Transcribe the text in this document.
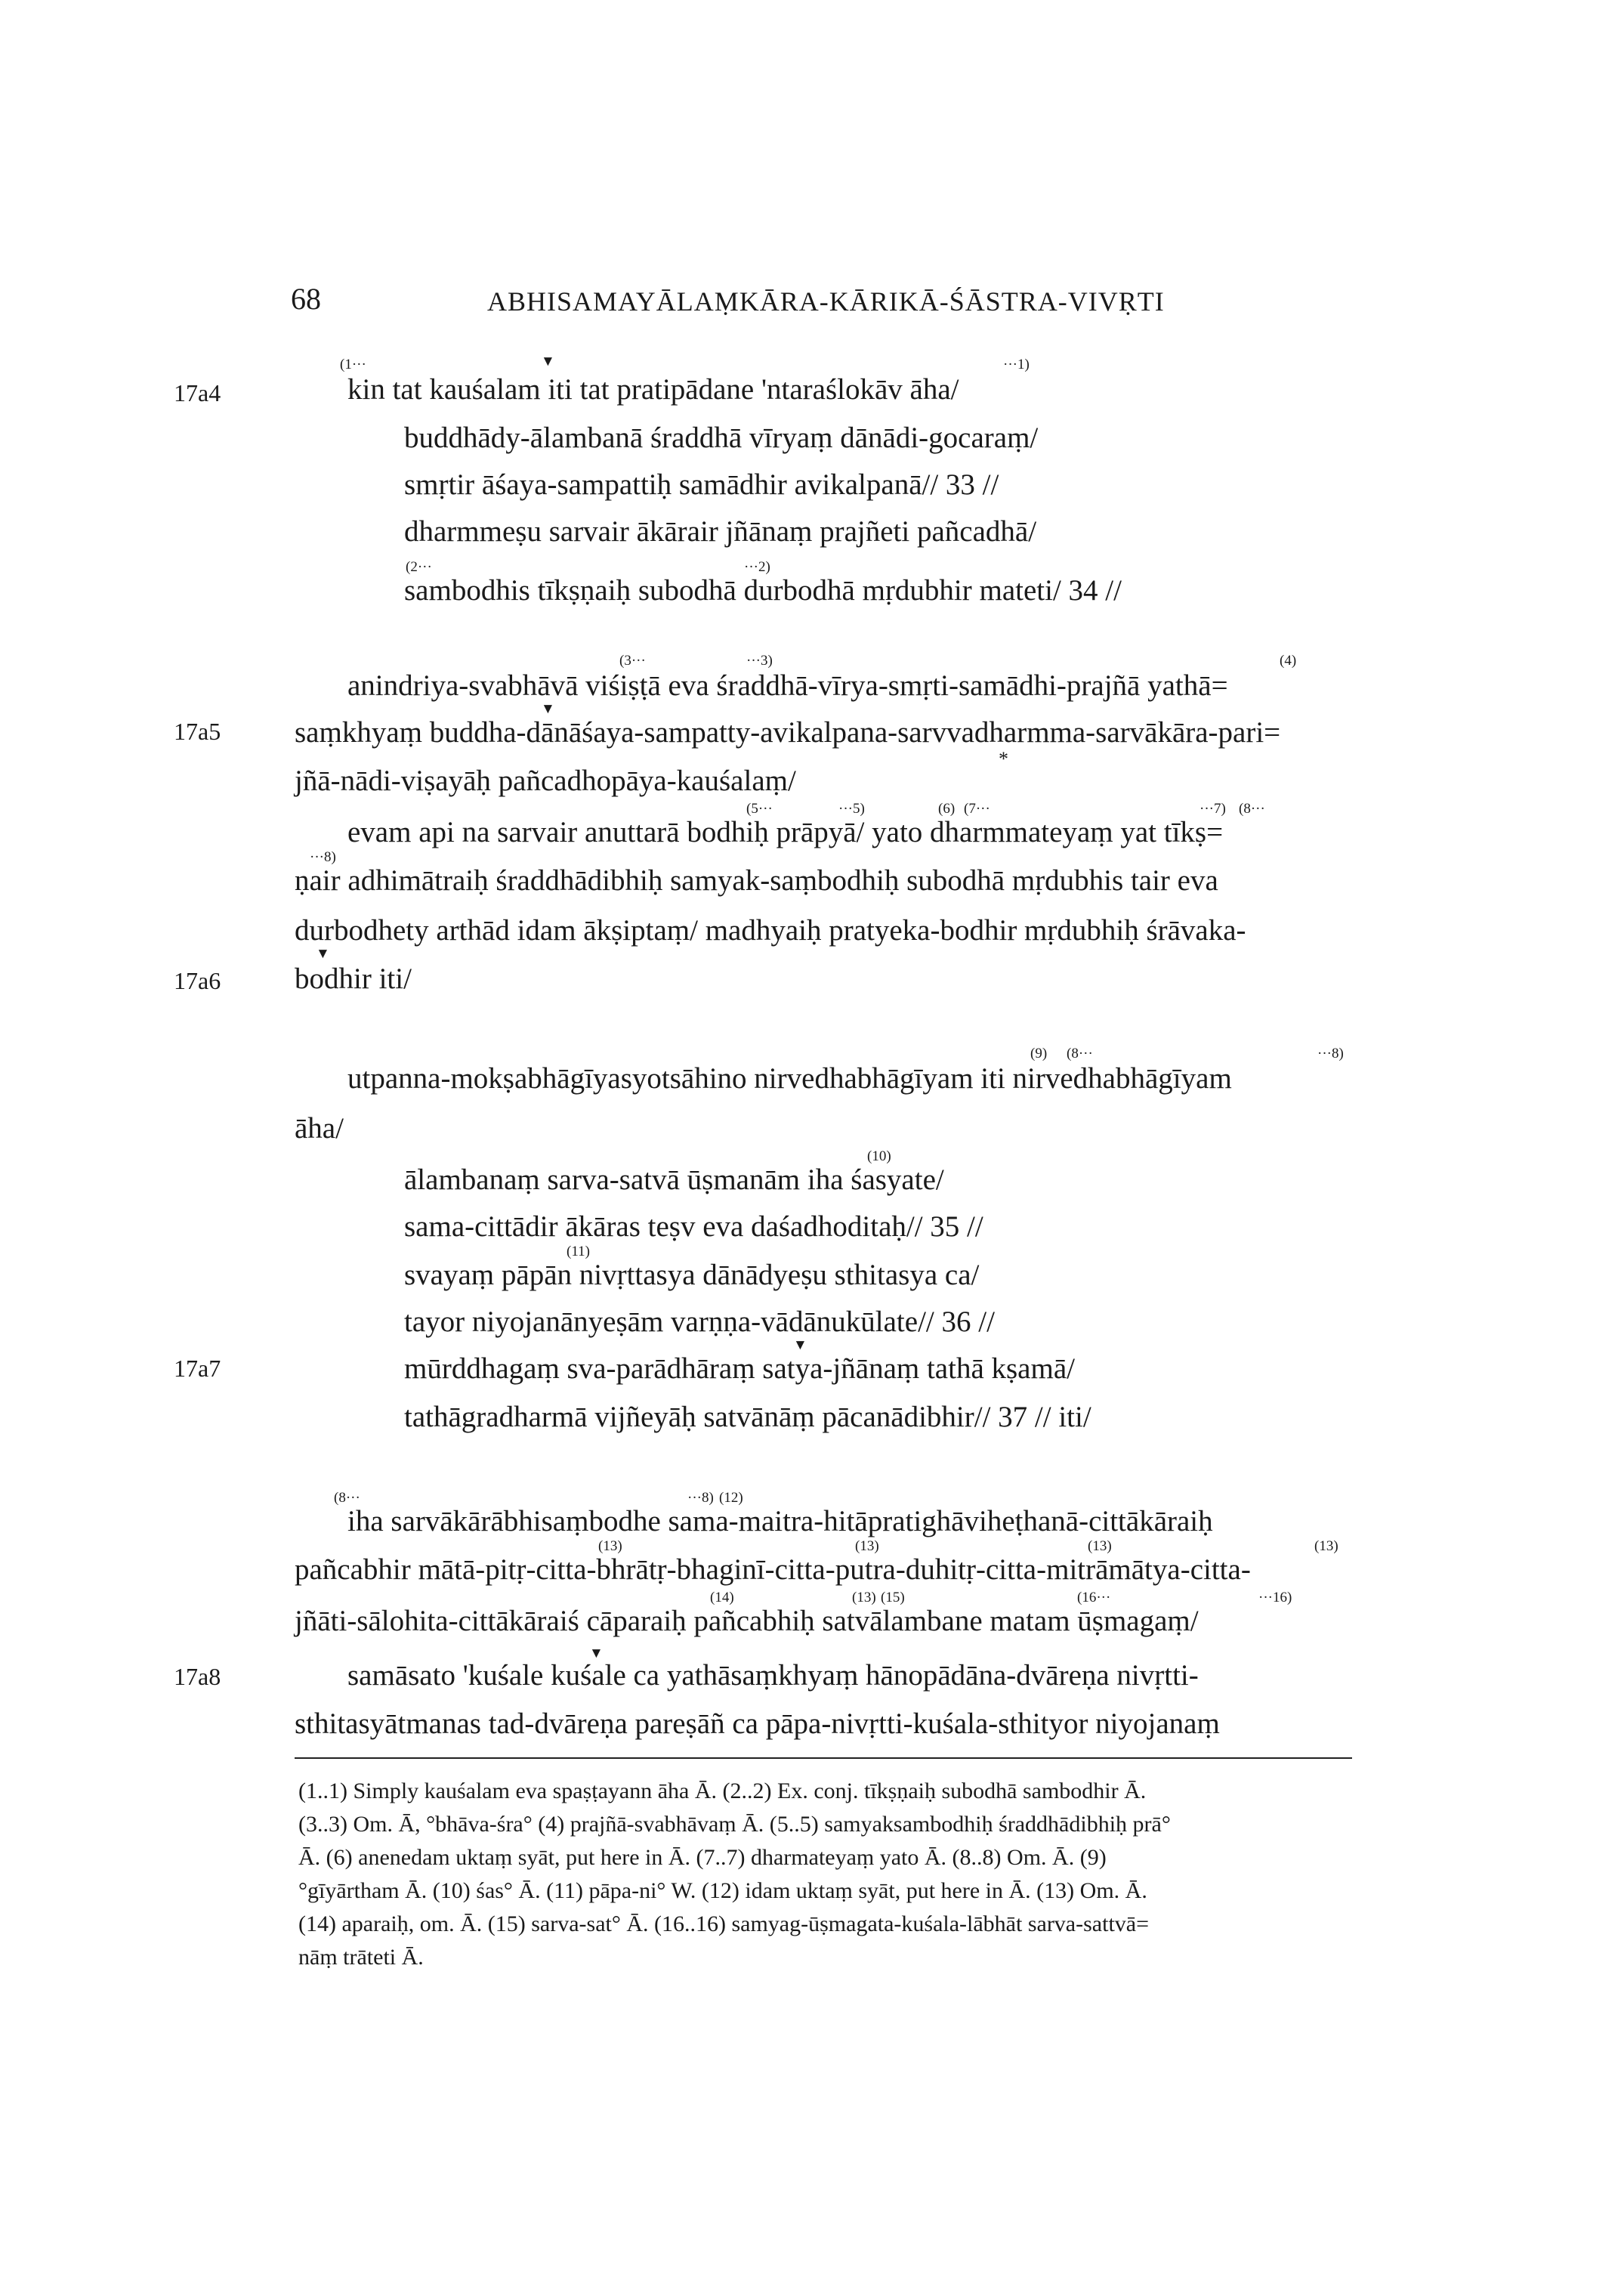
68	ABHISAMAYĀLAṂKĀRA-KĀRIKĀ-ŚĀSTRA-VIVṚTI
17a4
17a5
17a6
17a7
17a8
(1···	▼	···1)
kin tat kauśalam iti tat pratipādane 'ntaraślokāv āha/
buddhādy-ālambanā śraddhā vīryaṃ dānādi-gocaraṃ/
smṛtir āśaya-sampattiḥ samādhir avikalpanā// 33 //
dharmmeṣu sarvair ākārair jñānaṃ prajñeti pañcadhā/
(2···	···2)
sambodhis tīkṣṇaiḥ subodhā durbodhā mṛdubhir mateti/ 34 //
(3···	···3)	(4)
anindriya-svabhāvā viśiṣṭā eva śraddhā-vīrya-smṛti-samādhi-prajñā yathā=
▼
saṃkhyaṃ buddha-dānāśaya-sampatty-avikalpana-sarvvadharmma-sarvākāra-pari=
*
jñā-nādi-viṣayāḥ pañcadhopāya-kauśalaṃ/
(5···	···5)	(6) (7···	···7) (8···
evam api na sarvair anuttarā bodhiḥ prāpyā/ yato dharmmateyaṃ yat tīkṣ=
···8)
ṇair adhimātraiḥ śraddhādibhiḥ samyak-saṃbodhiḥ subodhā mṛdubhis tair eva
durbodhety arthād idam ākṣiptaṃ/ madhyaiḥ pratyeka-bodhir mṛdubhiḥ śrāvaka-
▼
bodhir iti/
(9) (8···	···8)
utpanna-mokṣabhāgīyasyotsāhino nirvedhabhāgīyam iti nirvedhabhāgīyam
āha/
(10)
ālambanaṃ sarva-satvā ūṣmanām iha śasyate/
sama-cittādir ākāras teṣv eva daśadhoditaḥ// 35 //
(11)
svayaṃ pāpān nivṛttasya dānādyeṣu sthitasya ca/
tayor niyojanānyeṣām varṇṇa-vādānukūlate// 36 //
▼
mūrddhagaṃ sva-parādhāraṃ satya-jñānaṃ tathā kṣamā/
tathāgradharmā vijñeyāḥ satvānāṃ pācanādibhir// 37 // iti/
(8···	···8) (12)
iha sarvākārābhisaṃbodhe sama-maitra-hitāpratighāviheṭhanā-cittākāraiḥ
(13)	(13)	(13)	(13)
pañcabhir mātā-pitṛ-citta-bhrātṛ-bhaginī-citta-putra-duhitṛ-citta-mitrāmātya-citta-
(14)	(13) (15)	(16···	···16)
jñāti-sālohita-cittākāraiś cāparaiḥ pañcabhiḥ satvālambane matam ūṣmagaṃ/
▼
samāsato 'kuśale kuśale ca yathāsaṃkhyaṃ hānopādāna-dvāreṇa nivṛtti-
sthitasyātmanas tad-dvāreṇa pareṣāñ ca pāpa-nivṛtti-kuśala-sthityor niyojanaṃ
(1..1) Simply kauśalam eva spaṣṭayann āha Ā. (2..2) Ex. conj. tīkṣṇaiḥ subodhā sambodhir Ā.
(3..3) Om. Ā, °bhāva-śra° (4) prajñā-svabhāvaṃ Ā. (5..5) samyaksambodhiḥ śraddhādibhiḥ prā°
Ā. (6) anenedam uktaṃ syāt, put here in Ā. (7..7) dharmateyaṃ yato Ā. (8..8) Om. Ā. (9)
°gīyārtham Ā. (10) śas° Ā. (11) pāpa-ni° W. (12) idam uktaṃ syāt, put here in Ā. (13) Om. Ā.
(14) aparaiḥ, om. Ā. (15) sarva-sat° Ā. (16..16) samyag-ūṣmagata-kuśala-lābhāt sarva-sattvā=
nāṃ trāteti Ā.
